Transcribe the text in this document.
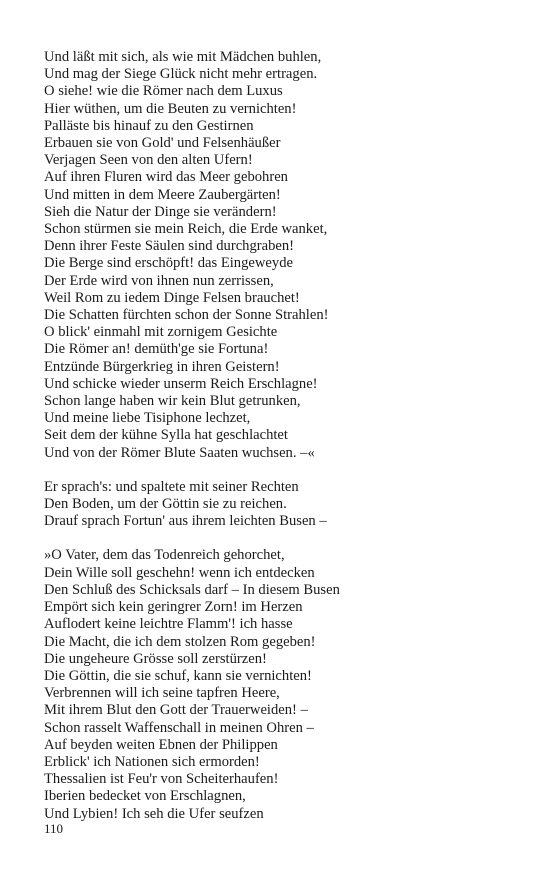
Und läßt mit sich, als wie mit Mädchen buhlen,
Und mag der Siege Glück nicht mehr ertragen.
O siehe! wie die Römer nach dem Luxus
Hier wüthen, um die Beuten zu vernichten!
Palläste bis hinauf zu den Gestirnen
Erbauen sie von Gold' und Felsenhäußer
Verjagen Seen von den alten Ufern!
Auf ihren Fluren wird das Meer gebohren
Und mitten in dem Meere Zaubergärten!
Sieh die Natur der Dinge sie verändern!
Schon stürmen sie mein Reich, die Erde wanket,
Denn ihrer Feste Säulen sind durchgraben!
Die Berge sind erschöpft! das Eingeweyde
Der Erde wird von ihnen nun zerrissen,
Weil Rom zu iedem Dinge Felsen brauchet!
Die Schatten fürchten schon der Sonne Strahlen!
O blick' einmahl mit zornigem Gesichte
Die Römer an! demüth'ge sie Fortuna!
Entzünde Bürgerkrieg in ihren Geistern!
Und schicke wieder unserm Reich Erschlagne!
Schon lange haben wir kein Blut getrunken,
Und meine liebe Tisiphone lechzet,
Seit dem der kühne Sylla hat geschlachtet
Und von der Römer Blute Saaten wuchsen. –«
Er sprach's: und spaltete mit seiner Rechten
Den Boden, um der Göttin sie zu reichen.
Drauf sprach Fortun' aus ihrem leichten Busen –
»O Vater, dem das Todenreich gehorchet,
Dein Wille soll geschehn! wenn ich entdecken
Den Schluß des Schicksals darf – In diesem Busen
Empört sich kein geringrer Zorn! im Herzen
Auflodert keine leichtre Flamm'! ich hasse
Die Macht, die ich dem stolzen Rom gegeben!
Die ungeheure Grösse soll zerstürzen!
Die Göttin, die sie schuf, kann sie vernichten!
Verbrennen will ich seine tapfren Heere,
Mit ihrem Blut den Gott der Trauerweiden! –
Schon rasselt Waffenschall in meinen Ohren –
Auf beyden weiten Ebnen der Philippen
Erblick' ich Nationen sich ermorden!
Thessalien ist Feu'r von Scheiterhaufen!
Iberien bedecket von Erschlagnen,
Und Lybien! Ich seh die Ufer seufzen
110
